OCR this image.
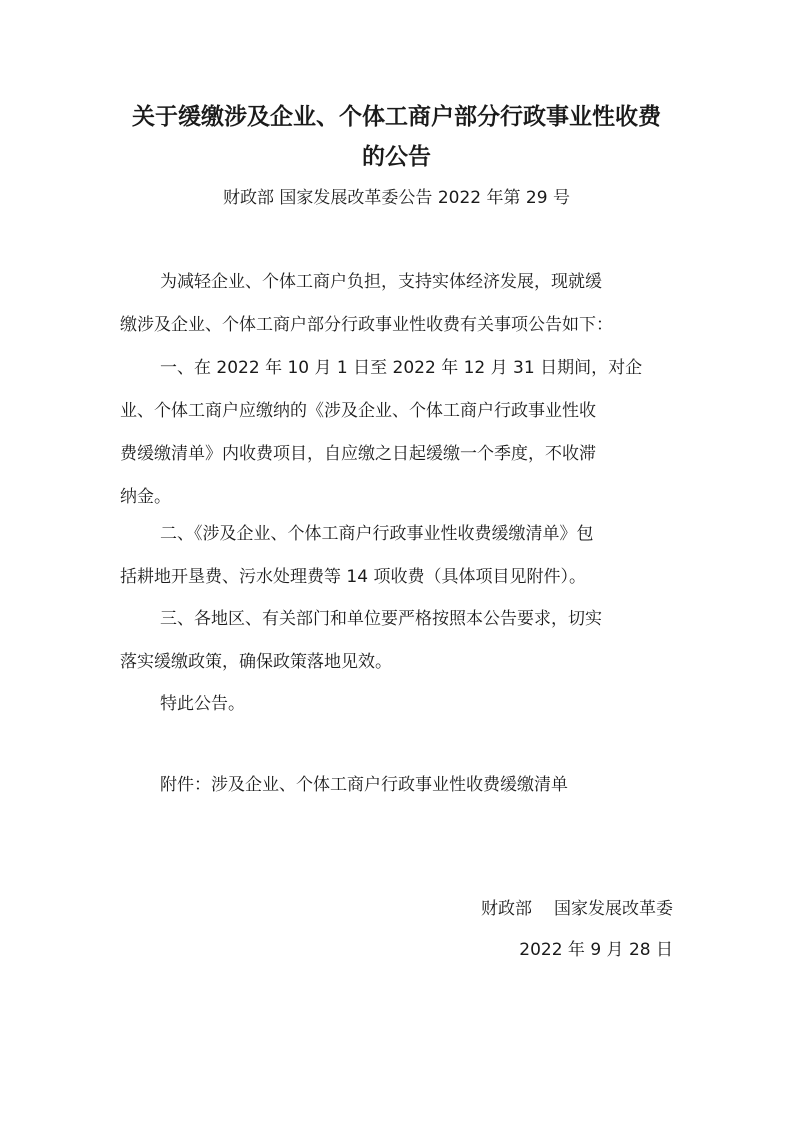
关于缓缴涉及企业、个体工商户部分行政事业性收费
的公告
财政部 国家发展改革委公告 2022 年第 29 号
为减轻企业、个体工商户负担，支持实体经济发展，现就缓
缴涉及企业、个体工商户部分行政事业性收费有关事项公告如下：
一、在 2022 年 10 月 1 日至 2022 年 12 月 31 日期间，对企
业、个体工商户应缴纳的《涉及企业、个体工商户行政事业性收
费缓缴清单》内收费项目，自应缴之日起缓缴一个季度，不收滞
纳金。
二、《涉及企业、个体工商户行政事业性收费缓缴清单》包
括耕地开垦费、污水处理费等 14 项收费（具体项目见附件）。
三、各地区、有关部门和单位要严格按照本公告要求，切实
落实缓缴政策，确保政策落地见效。
特此公告。
附件：涉及企业、个体工商户行政事业性收费缓缴清单
财政部 国家发展改革委
2022 年 9 月 28 日
